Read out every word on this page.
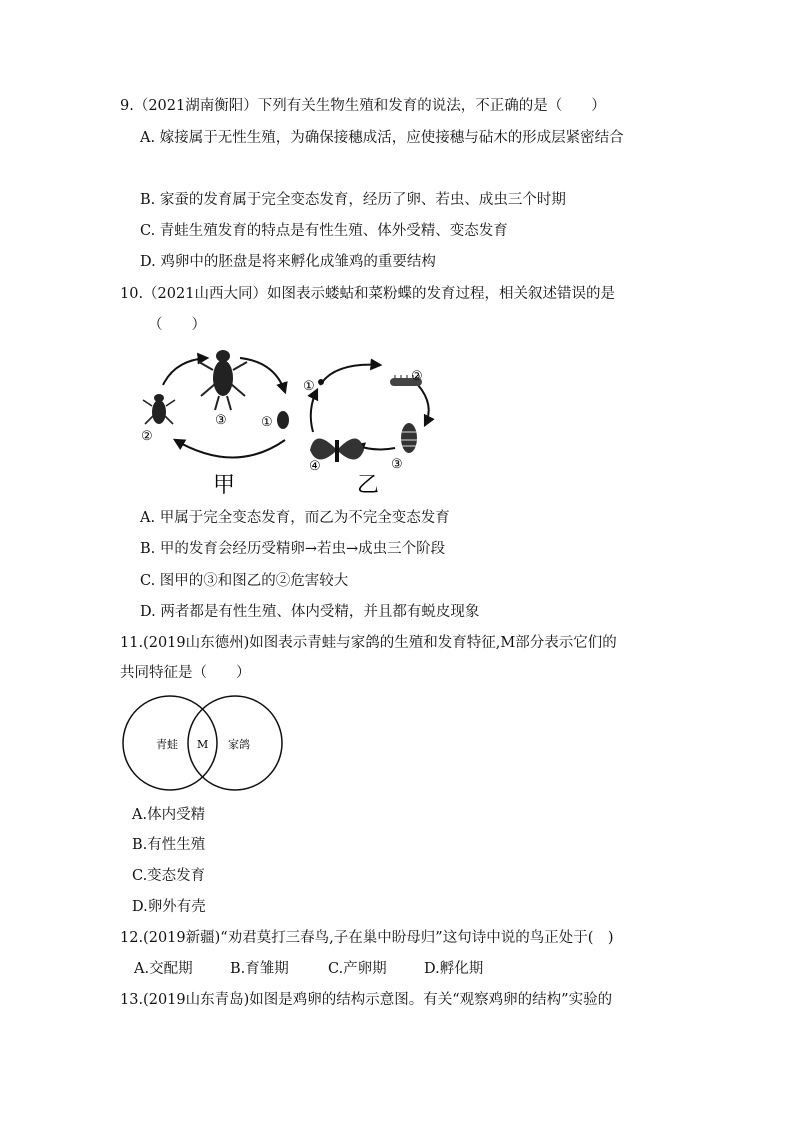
9.（2021湖南衡阳）下列有关生物生殖和发育的说法，不正确的是（　　）
A. 嫁接属于无性生殖，为确保接穗成活，应使接穗与砧木的形成层紧密结合
B. 家蚕的发育属于完全变态发育，经历了卵、若虫、成虫三个时期
C. 青蛙生殖发育的特点是有性生殖、体外受精、变态发育
D. 鸡卵中的胚盘是将来孵化成雏鸡的重要结构
10.（2021山西大同）如图表示蝼蛄和菜粉蝶的发育过程，相关叙述错误的是
（　　）
②
③	①
甲
①
②
③
④
乙
A. 甲属于完全变态发育，而乙为不完全变态发育
B. 甲的发育会经历受精卵→若虫→成虫三个阶段
C. 图甲的③和图乙的②危害较大
D. 两者都是有性生殖、体内受精，并且都有蜕皮现象
11.(2019山东德州)如图表示青蛙与家鸽的生殖和发育特征,M部分表示它们的
共同特征是（　　）
青蛙 M 家鸽
A.体内受精
B.有性生殖
C.变态发育
D.卵外有壳
12.(2019新疆)“劝君莫打三春鸟,子在巢中盼母归”这句诗中说的鸟正处于(　)
A.交配期	B.育雏期	C.产卵期	D.孵化期
13.(2019山东青岛)如图是鸡卵的结构示意图。有关“观察鸡卵的结构”实验的
